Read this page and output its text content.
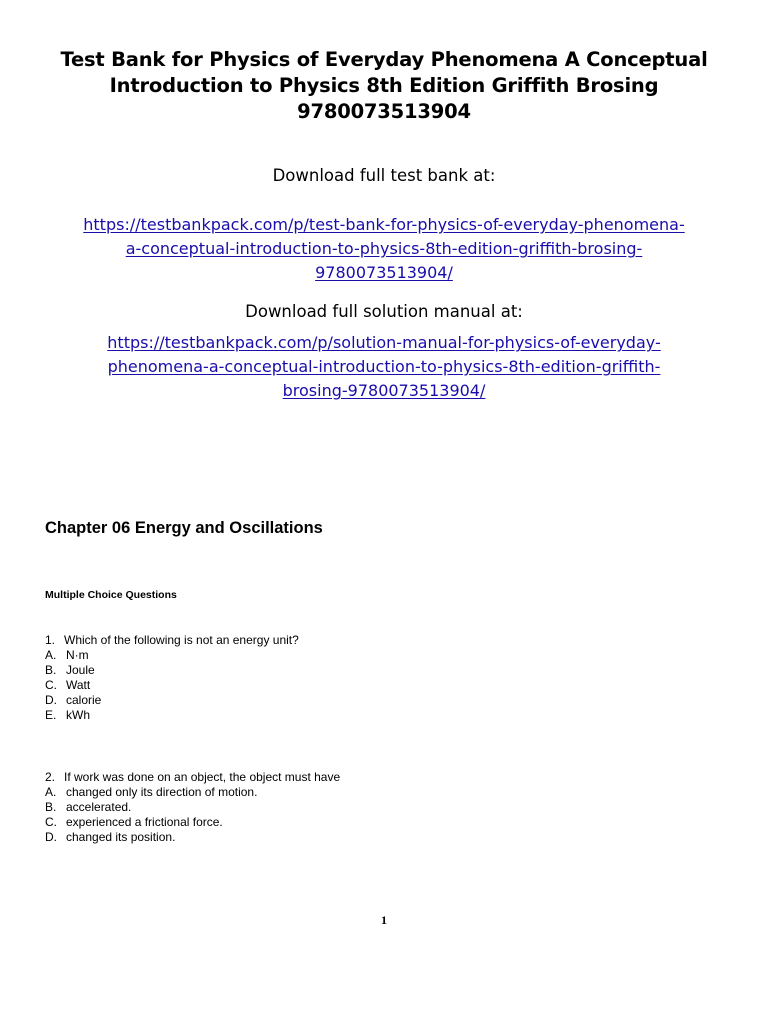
Test Bank for Physics of Everyday Phenomena A Conceptual
Introduction to Physics 8th Edition Griffith Brosing
9780073513904
Download full test bank at:
https://testbankpack.com/p/test-bank-for-physics-of-everyday-phenomena-
a-conceptual-introduction-to-physics-8th-edition-griffith-brosing-
9780073513904/
Download full solution manual at:
https://testbankpack.com/p/solution-manual-for-physics-of-everyday-
phenomena-a-conceptual-introduction-to-physics-8th-edition-griffith-
brosing-9780073513904/
Chapter 06 Energy and Oscillations
Multiple Choice Questions
1. Which of the following is not an energy unit?
A. N·m
B. Joule
C. Watt
D. calorie
E. kWh
2. If work was done on an object, the object must have
A. changed only its direction of motion.
B. accelerated.
C. experienced a frictional force.
D. changed its position.
1
